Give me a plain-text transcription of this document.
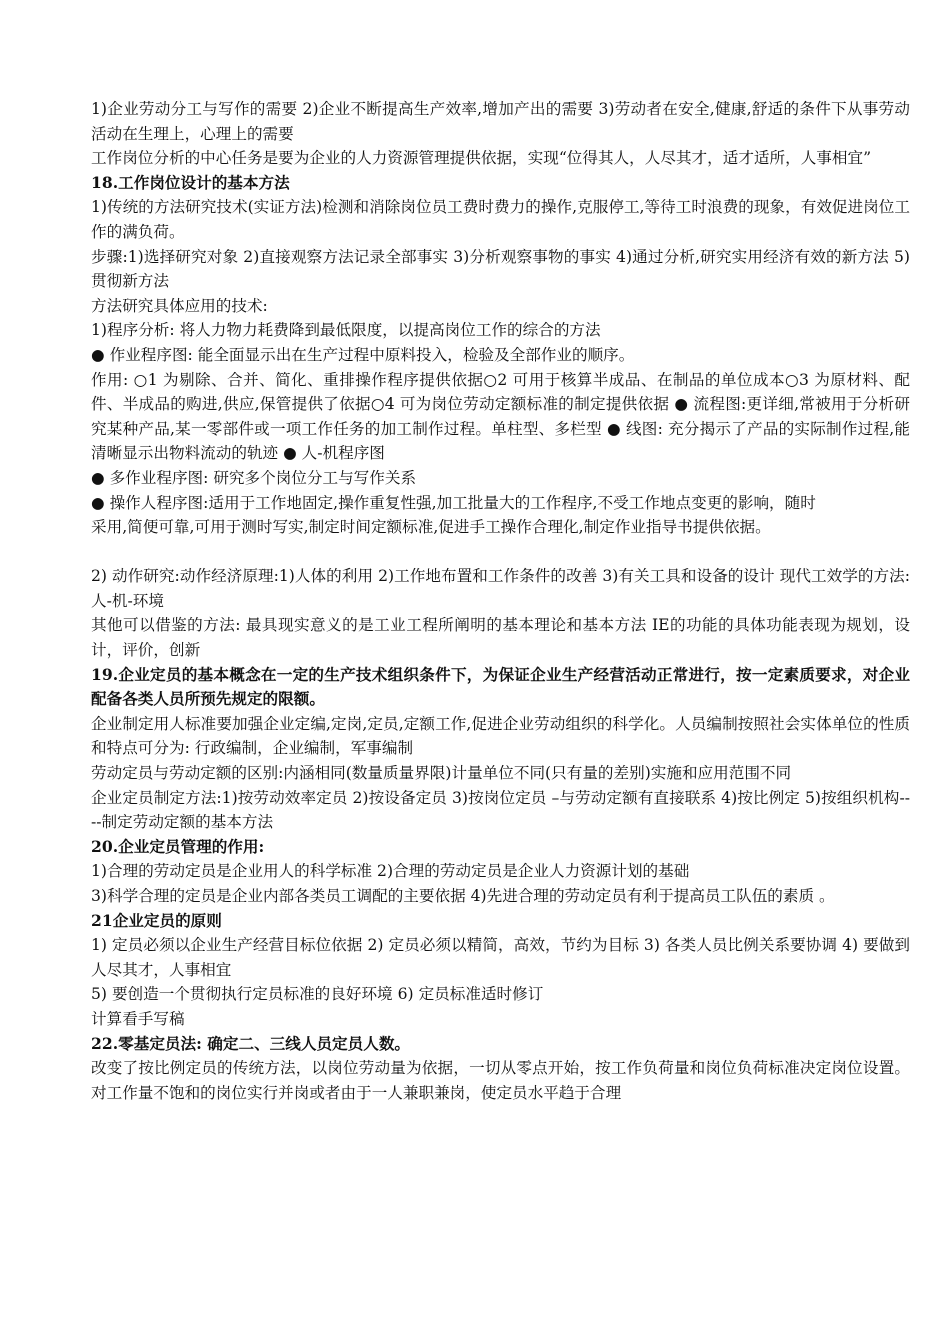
1)企业劳动分工与写作的需要 2)企业不断提高生产效率,增加产出的需要 3)劳动者在安全,健康,舒适的条件下从事劳动活动在生理上，心理上的需要

工作岗位分析的中心任务是要为企业的人力资源管理提供依据，实现“位得其人，人尽其才，适才适所，人事相宜”

18.工作岗位设计的基本方法

1)传统的方法研究技术(实证方法)检测和消除岗位员工费时费力的操作,克服停工,等待工时浪费的现象，有效促进岗位工作的满负荷。

步骤:1)选择研究对象 2)直接观察方法记录全部事实 3)分析观察事物的事实 4)通过分析,研究实用经济有效的新方法 5) 贯彻新方法

方法研究具体应用的技术:

1)程序分析: 将人力物力耗费降到最低限度，以提高岗位工作的综合的方法

● 作业程序图: 能全面显示出在生产过程中原料投入，检验及全部作业的顺序。

作用: ○1 为剔除、合并、简化、重排操作程序提供依据○2 可用于核算半成品、在制品的单位成本○3 为原材料、配件、半成品的购进,供应,保管提供了依据○4 可为岗位劳动定额标准的制定提供依据 ● 流程图:更详细,常被用于分析研究某种产品,某一零部件或一项工作任务的加工制作过程。单柱型、多栏型 ● 线图: 充分揭示了产品的实际制作过程,能清晰显示出物料流动的轨迹 ● 人-机程序图

● 多作业程序图: 研究多个岗位分工与写作关系

● 操作人程序图:适用于工作地固定,操作重复性强,加工批量大的工作程序,不受工作地点变更的影响，随时

采用,简便可靠,可用于测时写实,制定时间定额标准,促进手工操作合理化,制定作业指导书提供依据。

2) 动作研究:动作经济原理:1)人体的利用 2)工作地布置和工作条件的改善 3)有关工具和设备的设计 现代工效学的方法: 人-机-环境

其他可以借鉴的方法: 最具现实意义的是工业工程所阐明的基本理论和基本方法 IE的功能的具体功能表现为规划，设计，评价，创新

19.企业定员的基本概念在一定的生产技术组织条件下，为保证企业生产经营活动正常进行，按一定素质要求，对企业配备各类人员所预先规定的限额。

企业制定用人标准要加强企业定编,定岗,定员,定额工作,促进企业劳动组织的科学化。人员编制按照社会实体单位的性质和特点可分为: 行政编制，企业编制，军事编制

劳动定员与劳动定额的区别:内涵相同(数量质量界限)计量单位不同(只有量的差别)实施和应用范围不同

企业定员制定方法:1)按劳动效率定员 2)按设备定员 3)按岗位定员 –与劳动定额有直接联系 4)按比例定 5)按组织机构----制定劳动定额的基本方法

20.企业定员管理的作用:

1)合理的劳动定员是企业用人的科学标准 2)合理的劳动定员是企业人力资源计划的基础

3)科学合理的定员是企业内部各类员工调配的主要依据 4)先进合理的劳动定员有利于提高员工队伍的素质 。

21企业定员的原则

1) 定员必须以企业生产经营目标位依据 2) 定员必须以精简，高效，节约为目标 3) 各类人员比例关系要协调 4) 要做到人尽其才，人事相宜

5) 要创造一个贯彻执行定员标准的良好环境 6) 定员标准适时修订

计算看手写稿

22.零基定员法: 确定二、三线人员定员人数。

改变了按比例定员的传统方法，以岗位劳动量为依据，一切从零点开始，按工作负荷量和岗位负荷标准决定岗位设置。对工作量不饱和的岗位实行并岗或者由于一人兼职兼岗，使定员水平趋于合理
